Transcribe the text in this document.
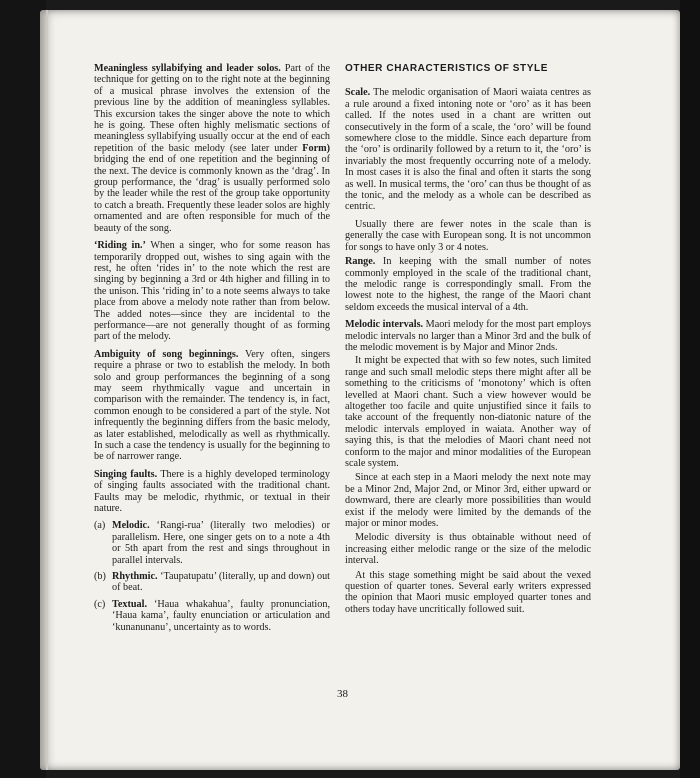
Meaningless syllabifying and leader solos. Part of the technique for getting on to the right note at the beginning of a musical phrase involves the extension of the previous line by the addition of meaningless syllables. This excursion takes the singer above the note to which he is going. These often highly melismatic sections of meaningless syllabifying usually occur at the end of each repetition of the basic melody (see later under Form) bridging the end of one repetition and the beginning of the next. The device is commonly known as the ‘drag’. In group performance, the ‘drag’ is usually performed solo by the leader while the rest of the group take opportunity to catch a breath. Frequently these leader solos are highly ornamented and are often responsible for much of the beauty of the song.

‘Riding in.’ When a singer, who for some reason has temporarily dropped out, wishes to sing again with the rest, he often ‘rides in’ to the note which the rest are singing by beginning a 3rd or 4th higher and filling in to the unison. This ‘riding in’ to a note seems always to take place from above a melody note rather than from below. The added notes—since they are incidental to the performance—are not generally thought of as forming part of the melody.

Ambiguity of song beginnings. Very often, singers require a phrase or two to establish the melody. In both solo and group performances the beginning of a song may seem rhythmically vague and uncertain in comparison with the remainder. The tendency is, in fact, common enough to be considered a part of the style. Not infrequently the beginning differs from the basic melody, as later established, melodically as well as rhythmically. In such a case the tendency is usually for the beginning to be of narrower range.

Singing faults. There is a highly developed terminology of singing faults associated with the traditional chant. Faults may be melodic, rhythmic, or textual in their nature.

(a) Melodic. ‘Rangi-rua’ (literally two melodies) or parallelism. Here, one singer gets on to a note a 4th or 5th apart from the rest and sings throughout in parallel intervals.
(b) Rhythmic. ‘Taupatupatu’ (literally, up and down) out of beat.
(c) Textual. ‘Haua whakahua’, faulty pronunciation, ‘Haua kama’, faulty enunciation or articulation and ‘kunanunanu’, uncertainty as to words.
OTHER CHARACTERISTICS OF STYLE

Scale. The melodic organisation of Maori waiata centres as a rule around a fixed intoning note or ‘oro’ as it has been called. If the notes used in a chant are written out consecutively in the form of a scale, the ‘oro’ will be found somewhere close to the middle. Since each departure from the ‘oro’ is ordinarily followed by a return to it, the ‘oro’ is invariably the most frequently occurring note of a melody. In most cases it is also the final and often it starts the song as well. In musical terms, the ‘oro’ can thus be thought of as the tonic, and the melody as a whole can be described as centric.

Usually there are fewer notes in the scale than is generally the case with European song. It is not uncommon for songs to have only 3 or 4 notes.

Range. In keeping with the small number of notes commonly employed in the scale of the traditional chant, the melodic range is correspondingly small. From the lowest note to the highest, the range of the Maori chant seldom exceeds the musical interval of a 4th.

Melodic intervals. Maori melody for the most part employs melodic intervals no larger than a Minor 3rd and the bulk of the melodic movement is by Major and Minor 2nds.

It might be expected that with so few notes, such limited range and such small melodic steps there might after all be something to the criticisms of ‘monotony’ which is often levelled at Maori chant. Such a view however would be altogether too facile and quite unjustified since it fails to take account of the frequently non-diatonic nature of the melodic intervals employed in waiata. Another way of saying this, is that the melodies of Maori chant need not conform to the major and minor modalities of the European scale system.

Since at each step in a Maori melody the next note may be a Minor 2nd, Major 2nd, or Minor 3rd, either upward or downward, there are clearly more possibilities than would exist if the melody were limited by the demands of the major or minor modes.

Melodic diversity is thus obtainable without need of increasing either melodic range or the size of the melodic interval.

At this stage something might be said about the vexed question of quarter tones. Several early writers expressed the opinion that Maori music employed quarter tones and others today have uncritically followed suit.

38
